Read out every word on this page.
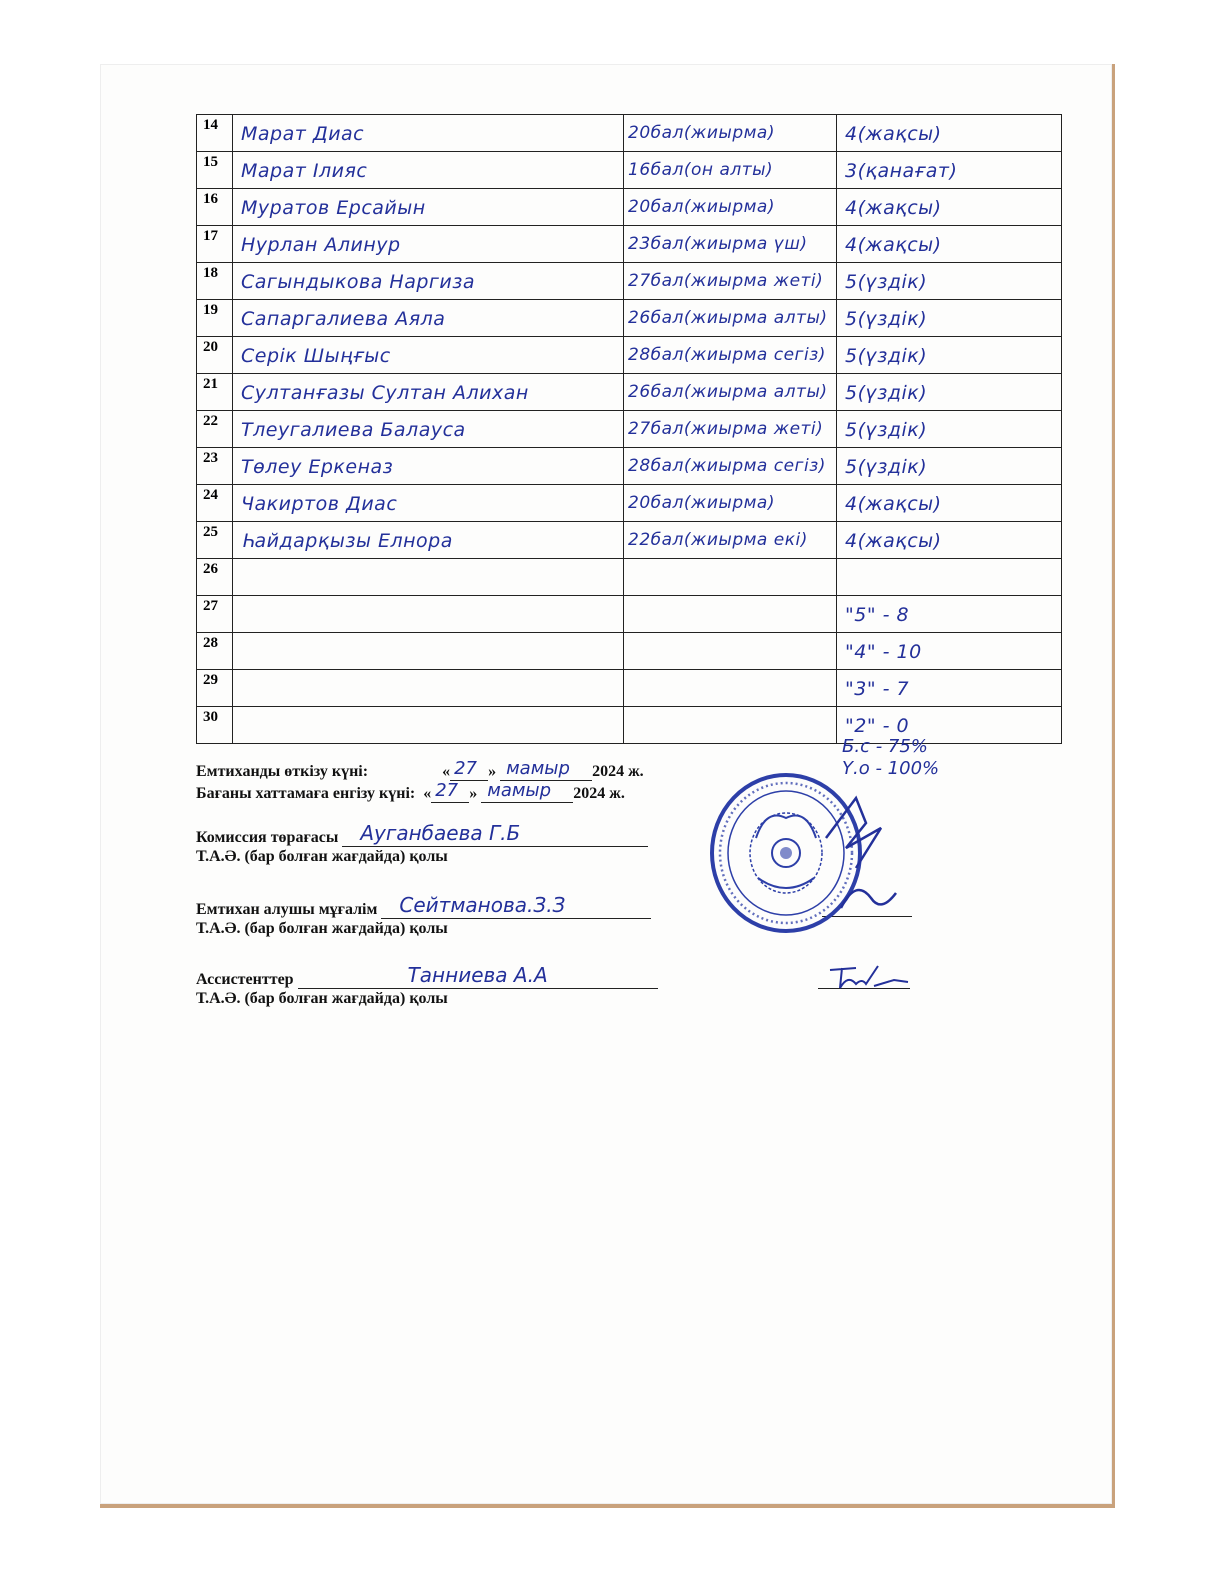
14	Марат Диас	20бал(жиырма)	4(жақсы)

15	Марат Ілияс	16бал(он алты)	3(қанағат)

16	Муратов Ерсайын	20бал(жиырма)	4(жақсы)

17	Нурлан Алинур	23бал(жиырма үш)	4(жақсы)

18	Сагындыкова Наргиза	27бал(жиырма жеті)	5(үздік)

19	Сапаргалиева Аяла	26бал(жиырма алты)	5(үздік)

20	Серік Шыңғыс	28бал(жиырма сегіз)	5(үздік)

21	Султанғазы Султан Алихан	26бал(жиырма алты)	5(үздік)

22	Тлеугалиева Балауса	27бал(жиырма жеті)	5(үздік)

23	Төлеу Еркеназ	28бал(жиырма сегіз)	5(үздік)

24	Чакиртов Диас	20бал(жиырма)	4(жақсы)

25	Һайдарқызы Елнора	22бал(жиырма екі)	4(жақсы)

26	

27			"5" - 8

28			"4" - 10

29			"3" - 7

30			"2" - 0
Б.с - 75%
Ү.о - 100%
Емтиханды өткізу күні:	« 27 » мамыр 2024 ж.
Бағаны хаттамаға енгізу күні: « 27 » мамыр 2024 ж.
Комиссия төрағасы Ауганбаева Г.Б
Т.А.Ә. (бар болған жағдайда) қолы
Емтихан алушы мұғалім Сейтманова.З.З
Т.А.Ә. (бар болған жағдайда) қолы
Ассистенттер	Танниева А.А
Т.А.Ә. (бар болған жағдайда) қолы
